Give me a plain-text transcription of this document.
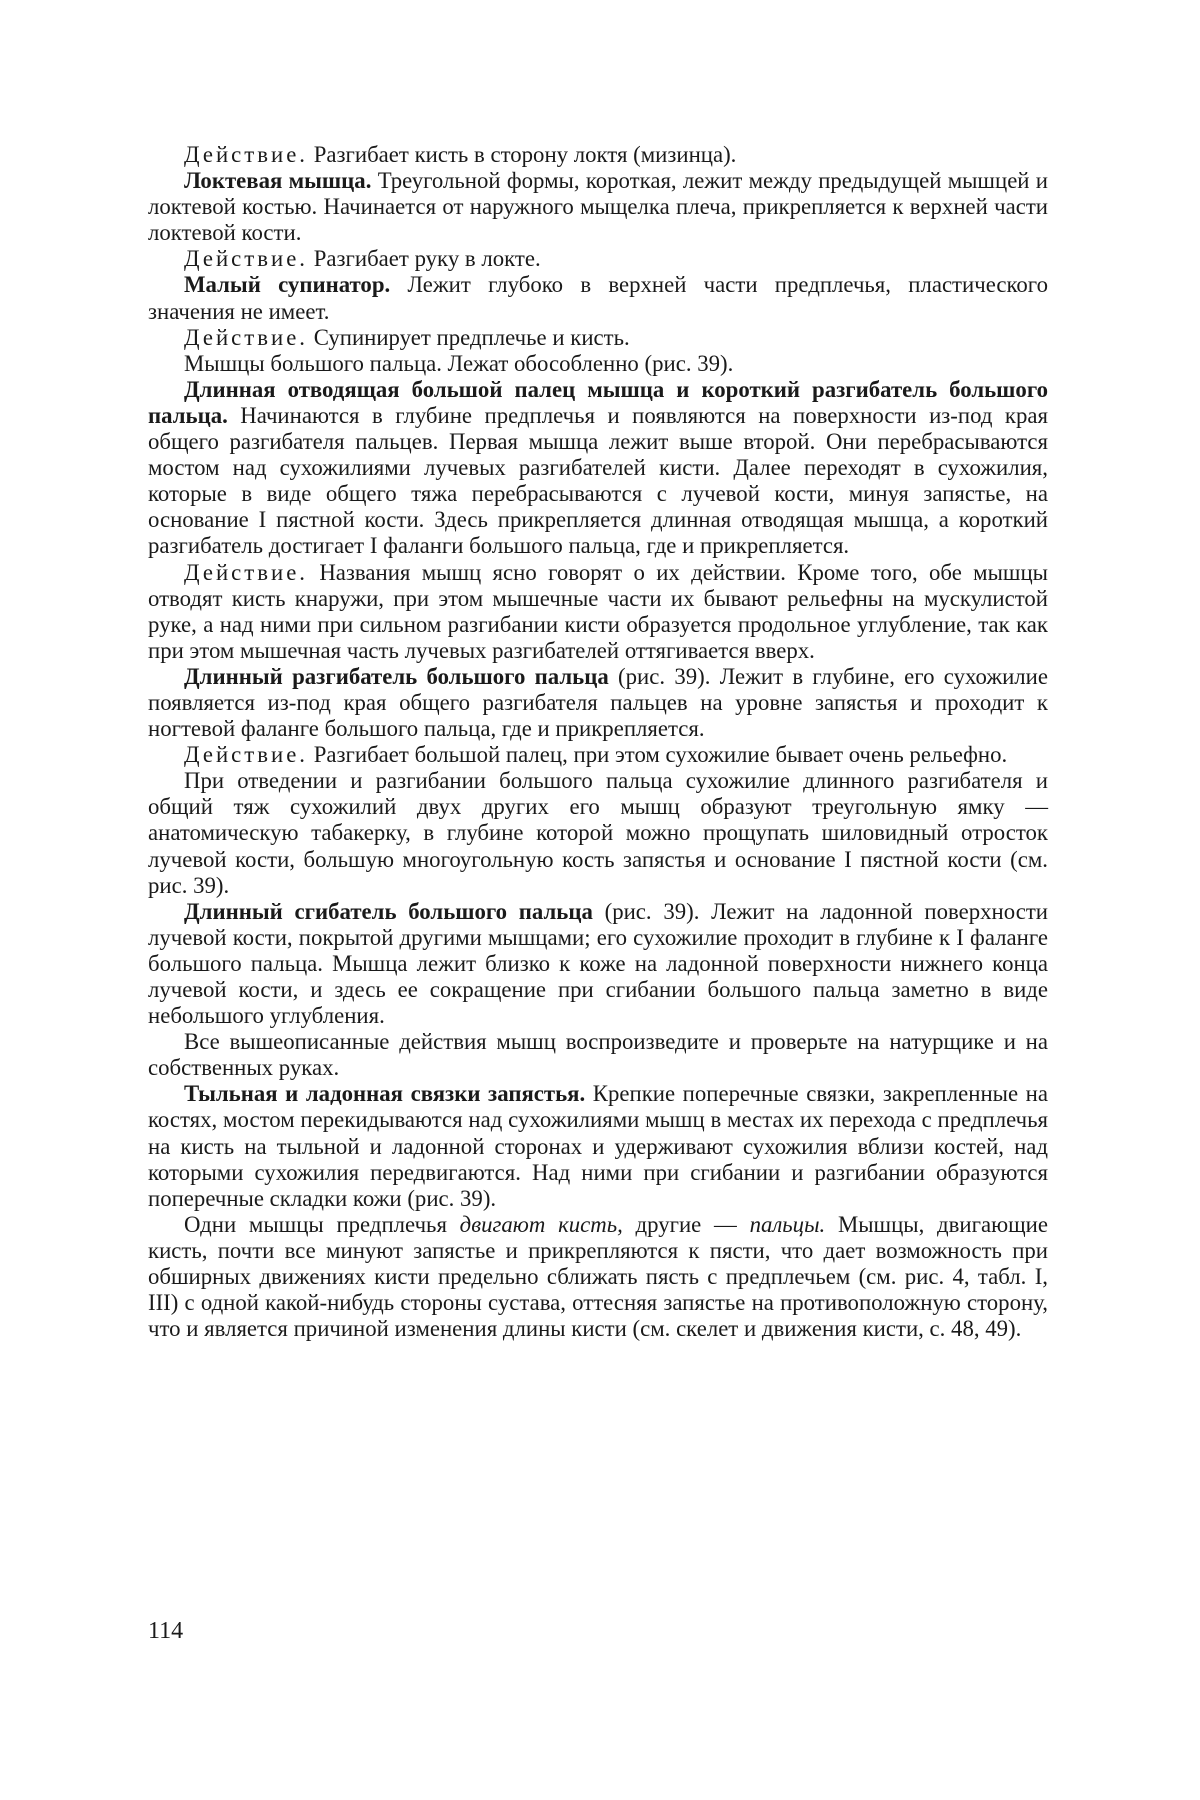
Действие. Разгибает кисть в сторону локтя (мизинца).

Локтевая мышца. Треугольной формы, короткая, лежит между предыдущей мышцей и локтевой костью. Начинается от наружного мыщелка плеча, прикрепляется к верхней части локтевой кости.

Действие. Разгибает руку в локте.

Малый супинатор. Лежит глубоко в верхней части предплечья, пластического значения не имеет.

Действие. Супинирует предплечье и кисть.

Мышцы большого пальца. Лежат обособленно (рис. 39).

Длинная отводящая большой палец мышца и короткий разгибатель большого пальца. Начинаются в глубине предплечья и появляются на поверхности из-под края общего разгибателя пальцев. Первая мышца лежит выше второй. Они перебрасываются мостом над сухожилиями лучевых разгибателей кисти. Далее переходят в сухожилия, которые в виде общего тяжа перебрасываются с лучевой кости, минуя запястье, на основание I пястной кости. Здесь прикрепляется длинная отводящая мышца, а короткий разгибатель достигает I фаланги большого пальца, где и прикрепляется.

Действие. Названия мышц ясно говорят о их действии. Кроме того, обе мышцы отводят кисть кнаружи, при этом мышечные части их бывают рельефны на мускулистой руке, а над ними при сильном разгибании кисти образуется продольное углубление, так как при этом мышечная часть лучевых разгибателей оттягивается вверх.

Длинный разгибатель большого пальца (рис. 39). Лежит в глубине, его сухожилие появляется из-под края общего разгибателя пальцев на уровне запястья и проходит к ногтевой фаланге большого пальца, где и прикрепляется.

Действие. Разгибает большой палец, при этом сухожилие бывает очень рельефно.

При отведении и разгибании большого пальца сухожилие длинного разгибателя и общий тяж сухожилий двух других его мышц образуют треугольную ямку — анатомическую табакерку, в глубине которой можно прощупать шиловидный отросток лучевой кости, большую многоугольную кость запястья и основание I пястной кости (см. рис. 39).

Длинный сгибатель большого пальца (рис. 39). Лежит на ладонной поверхности лучевой кости, покрытой другими мышцами; его сухожилие проходит в глубине к I фаланге большого пальца. Мышца лежит близко к коже на ладонной поверхности нижнего конца лучевой кости, и здесь ее сокращение при сгибании большого пальца заметно в виде небольшого углубления.

Все вышеописанные действия мышц воспроизведите и проверьте на натурщике и на собственных руках.

Тыльная и ладонная связки запястья. Крепкие поперечные связки, закрепленные на костях, мостом перекидываются над сухожилиями мышц в местах их перехода с предплечья на кисть на тыльной и ладонной сторонах и удерживают сухожилия вблизи костей, над которыми сухожилия передвигаются. Над ними при сгибании и разгибании образуются поперечные складки кожи (рис. 39).

Одни мышцы предплечья двигают кисть, другие — пальцы. Мышцы, двигающие кисть, почти все минуют запястье и прикрепляются к пясти, что дает возможность при обширных движениях кисти предельно сближать пясть с предплечьем (см. рис. 4, табл. I, III) с одной какой-нибудь стороны сустава, оттесняя запястье на противоположную сторону, что и является причиной изменения длины кисти (см. скелет и движения кисти, с. 48, 49).

114
